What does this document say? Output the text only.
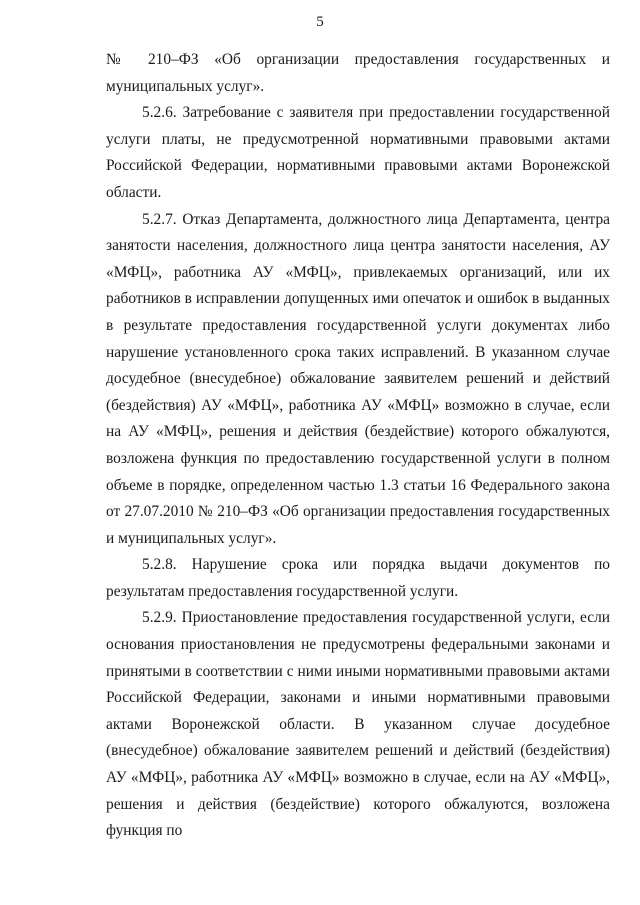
5

№ 210–ФЗ «Об организации предоставления государственных и муниципальных услуг».

5.2.6. Затребование с заявителя при предоставлении государственной услуги платы, не предусмотренной нормативными правовыми актами Российской Федерации, нормативными правовыми актами Воронежской области.

5.2.7. Отказ Департамента, должностного лица Департамента, центра занятости населения, должностного лица центра занятости населения, АУ «МФЦ», работника АУ «МФЦ», привлекаемых организаций, или их работников в исправлении допущенных ими опечаток и ошибок в выданных в результате предоставления государственной услуги документах либо нарушение установленного срока таких исправлений. В указанном случае досудебное (внесудебное) обжалование заявителем решений и действий (бездействия) АУ «МФЦ», работника АУ «МФЦ» возможно в случае, если на АУ «МФЦ», решения и действия (бездействие) которого обжалуются, возложена функция по предоставлению государственной услуги в полном объеме в порядке, определенном частью 1.3 статьи 16 Федерального закона от 27.07.2010 № 210–ФЗ «Об организации предоставления государственных и муниципальных услуг».

5.2.8. Нарушение срока или порядка выдачи документов по результатам предоставления государственной услуги.

5.2.9. Приостановление предоставления государственной услуги, если основания приостановления не предусмотрены федеральными законами и принятыми в соответствии с ними иными нормативными правовыми актами Российской Федерации, законами и иными нормативными правовыми актами Воронежской области. В указанном случае досудебное (внесудебное) обжалование заявителем решений и действий (бездействия) АУ «МФЦ», работника АУ «МФЦ» возможно в случае, если на АУ «МФЦ», решения и действия (бездействие) которого обжалуются, возложена функция по
